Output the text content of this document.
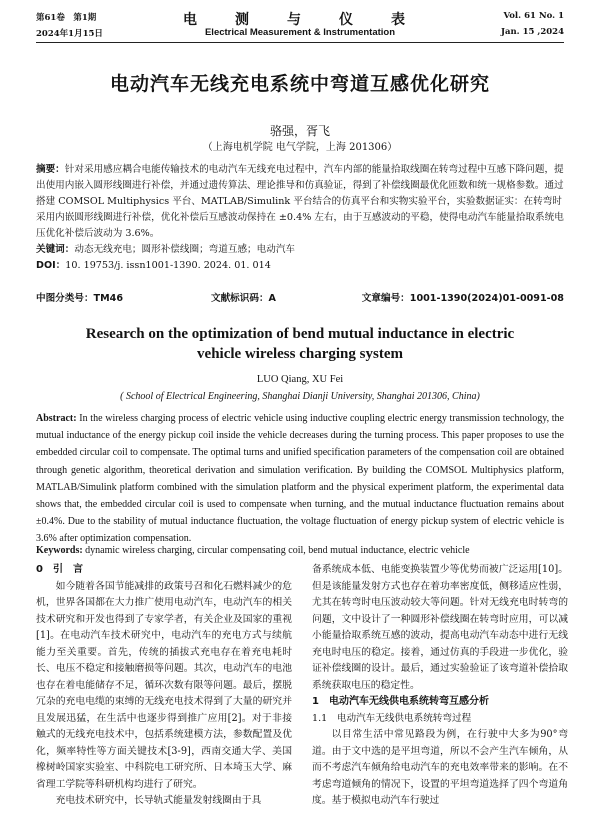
第61卷　第1期
2024年1月15日
电　测　与　仪　表
Electrical Measurement & Instrumentation
Vol. 61 No. 1
Jan. 15 ,2024
电动汽车无线充电系统中弯道互感优化研究
骆强，胥飞
（上海电机学院 电气学院，上海 201306）
摘要：针对采用感应耦合电能传输技术的电动汽车无线充电过程中，汽车内部的能量拾取线圈在转弯过程中互感下降问题，提出使用内嵌入圆形线圈进行补偿，并通过遗传算法、理论推导和仿真验证，得到了补偿线圈最优化匝数和统一规格参数。通过搭建 COMSOL Multiphysics 平台、MATLAB/Simulink 平台结合的仿真平台和实物实验平台，实验数据证实：在转弯时采用内嵌圆形线圈进行补偿，优化补偿后互感波动保持在 ±0.4% 左右，由于互感波动的平稳，使得电动汽车能量拾取系统电压优化补偿后波动为 3.6%。
关键词：动态无线充电；圆形补偿线圈；弯道互感；电动汽车
DOI：10. 19753/j. issn1001-1390. 2024. 01. 014
中图分类号：TM46	文献标识码：A	文章编号：1001-1390(2024)01-0091-08
Research on the optimization of bend mutual inductance in electric
vehicle wireless charging system
LUO Qiang, XU Fei
( School of Electrical Engineering, Shanghai Dianji University, Shanghai 201306, China)
Abstract: In the wireless charging process of electric vehicle using inductive coupling electric energy transmission technology, the mutual inductance of the energy pickup coil inside the vehicle decreases during the turning process. This paper proposes to use the embedded circular coil to compensate. The optimal turns and unified specification parameters of the compensation coil are obtained through genetic algorithm, theoretical derivation and simulation verification. By building the COMSOL Multiphysics platform, MATLAB/Simulink platform combined with the simulation platform and the physical experiment platform, the experimental data shows that, the embedded circular coil is used to compensate when turning, and the mutual inductance fluctuation remains about ±0.4%. Due to the stability of mutual inductance fluctuation, the voltage fluctuation of energy pickup system of electric vehicle is 3.6% after optimization compensation.
Keywords: dynamic wireless charging, circular compensating coil, bend mutual inductance, electric vehicle
0　引　言

如今随着各国节能减排的政策号召和化石燃料减少的危机，世界各国都在大力推广使用电动汽车，电动汽车的相关技术研究和开发也得到了专家学者，有关企业及国家的重视[1]。在电动汽车技术研究中，电动汽车的充电方式与续航能力至关重要。首先，传统的插拔式充电存在着充电耗时长、电压不稳定和接触磨损等问题。其次，电动汽车的电池也存在着电能储存不足，循环次数有限等问题。最后，摆脱冗杂的充电电缆的束缚的无线充电技术得到了大量的研究并且发展迅猛，在生活中也逐步得到推广应用[2]。对于非接触式的无线充电技术中，包括系统建模方法，参数配置及优化，频率特性等方面关键技术[3-9]，西南交通大学、美国橡树岭国家实验室、中科院电工研究所、日本埼玉大学、麻省理工学院等科研机构均进行了研究。

充电技术研究中，长导轨式能量发射线圈由于具

备系统成本低、电能变换装置少等优势而被广泛运用[10]。但是该能量发射方式也存在着功率密度低，侧移适应性弱，尤其在转弯时电压波动较大等问题。针对无线充电时转弯的问题，文中设计了一种圆形补偿线圈在转弯时应用，可以减小能量拾取系统互感的波动，提高电动汽车动态中进行无线充电时电压的稳定。接着，通过仿真的手段进一步优化，验证补偿线圈的设计。最后，通过实验验证了该弯道补偿拾取系统获取电压的稳定性。

1　电动汽车无线供电系统转弯互感分析
1.1　电动汽车无线供电系统转弯过程

以目常生活中常见路段为例，在行驶中大多为90°弯道。由于文中选的是平坦弯道，所以不会产生汽车倾角，从而不考虑汽车倾角给电动汽车的充电效率带来的影响。在不考虑弯道倾角的情况下，设置的平坦弯道选择了四个弯道角度。基于模拟电动汽车行驶过
